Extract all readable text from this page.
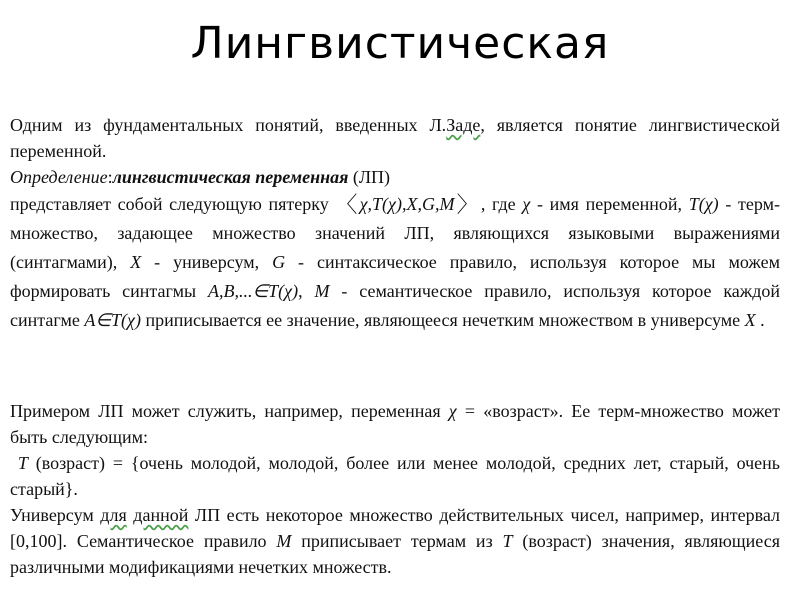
Лингвистическая

Одним из фундаментальных понятий, введенных Л.Заде, является понятие лингвистической переменной.

Определение:лингвистическая переменная (ЛП)

представляет собой следующую пятерку 〈χ,T(χ),X,G,M〉, где χ - имя переменной, T(χ) - терм-множество, задающее множество значений ЛП, являющихся языковыми выражениями (синтагмами), X - универсум, G - синтаксическое правило, используя которое мы можем формировать синтагмы A,B,...∈T(χ), M - семантическое правило, используя которое каждой синтагме A∈T(χ) приписывается ее значение, являющееся нечетким множеством в универсуме X .

Примером ЛП может служить, например, переменная χ = «возраст». Ее терм-множество может быть следующим:

T (возраст) = {очень молодой, молодой, более или менее молодой, средних лет, старый, очень старый}.

Универсум для данной ЛП есть некоторое множество действительных чисел, например, интервал [0,100]. Семантическое правило M приписывает термам из T (возраст) значения, являющиеся различными модификациями нечетких множеств.
